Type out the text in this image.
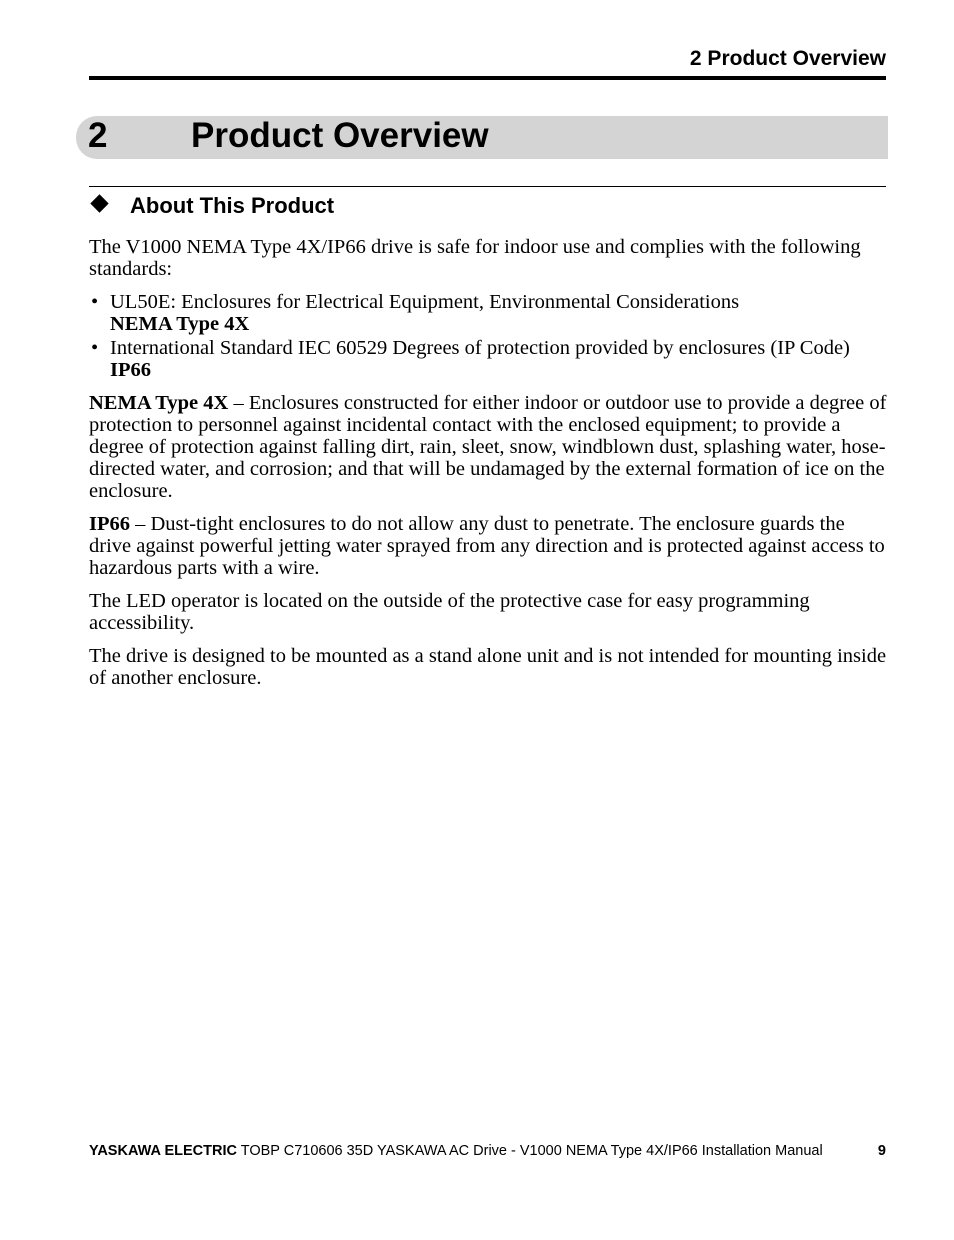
2 Product Overview
2 Product Overview
About This Product

The V1000 NEMA Type 4X/IP66 drive is safe for indoor use and complies with the following standards:

• UL50E: Enclosures for Electrical Equipment, Environmental Considerations
NEMA Type 4X
• International Standard IEC 60529 Degrees of protection provided by enclosures (IP Code)
IP66

NEMA Type 4X – Enclosures constructed for either indoor or outdoor use to provide a degree of protection to personnel against incidental contact with the enclosed equipment; to provide a degree of protection against falling dirt, rain, sleet, snow, windblown dust, splashing water, hose-directed water, and corrosion; and that will be undamaged by the external formation of ice on the enclosure.

IP66 – Dust-tight enclosures to do not allow any dust to penetrate. The enclosure guards the drive against powerful jetting water sprayed from any direction and is protected against access to hazardous parts with a wire.

The LED operator is located on the outside of the protective case for easy programming accessibility.

The drive is designed to be mounted as a stand alone unit and is not intended for mounting inside of another enclosure.

YASKAWA ELECTRIC TOBP C710606 35D YASKAWA AC Drive - V1000 NEMA Type 4X/IP66 Installation Manual	9
